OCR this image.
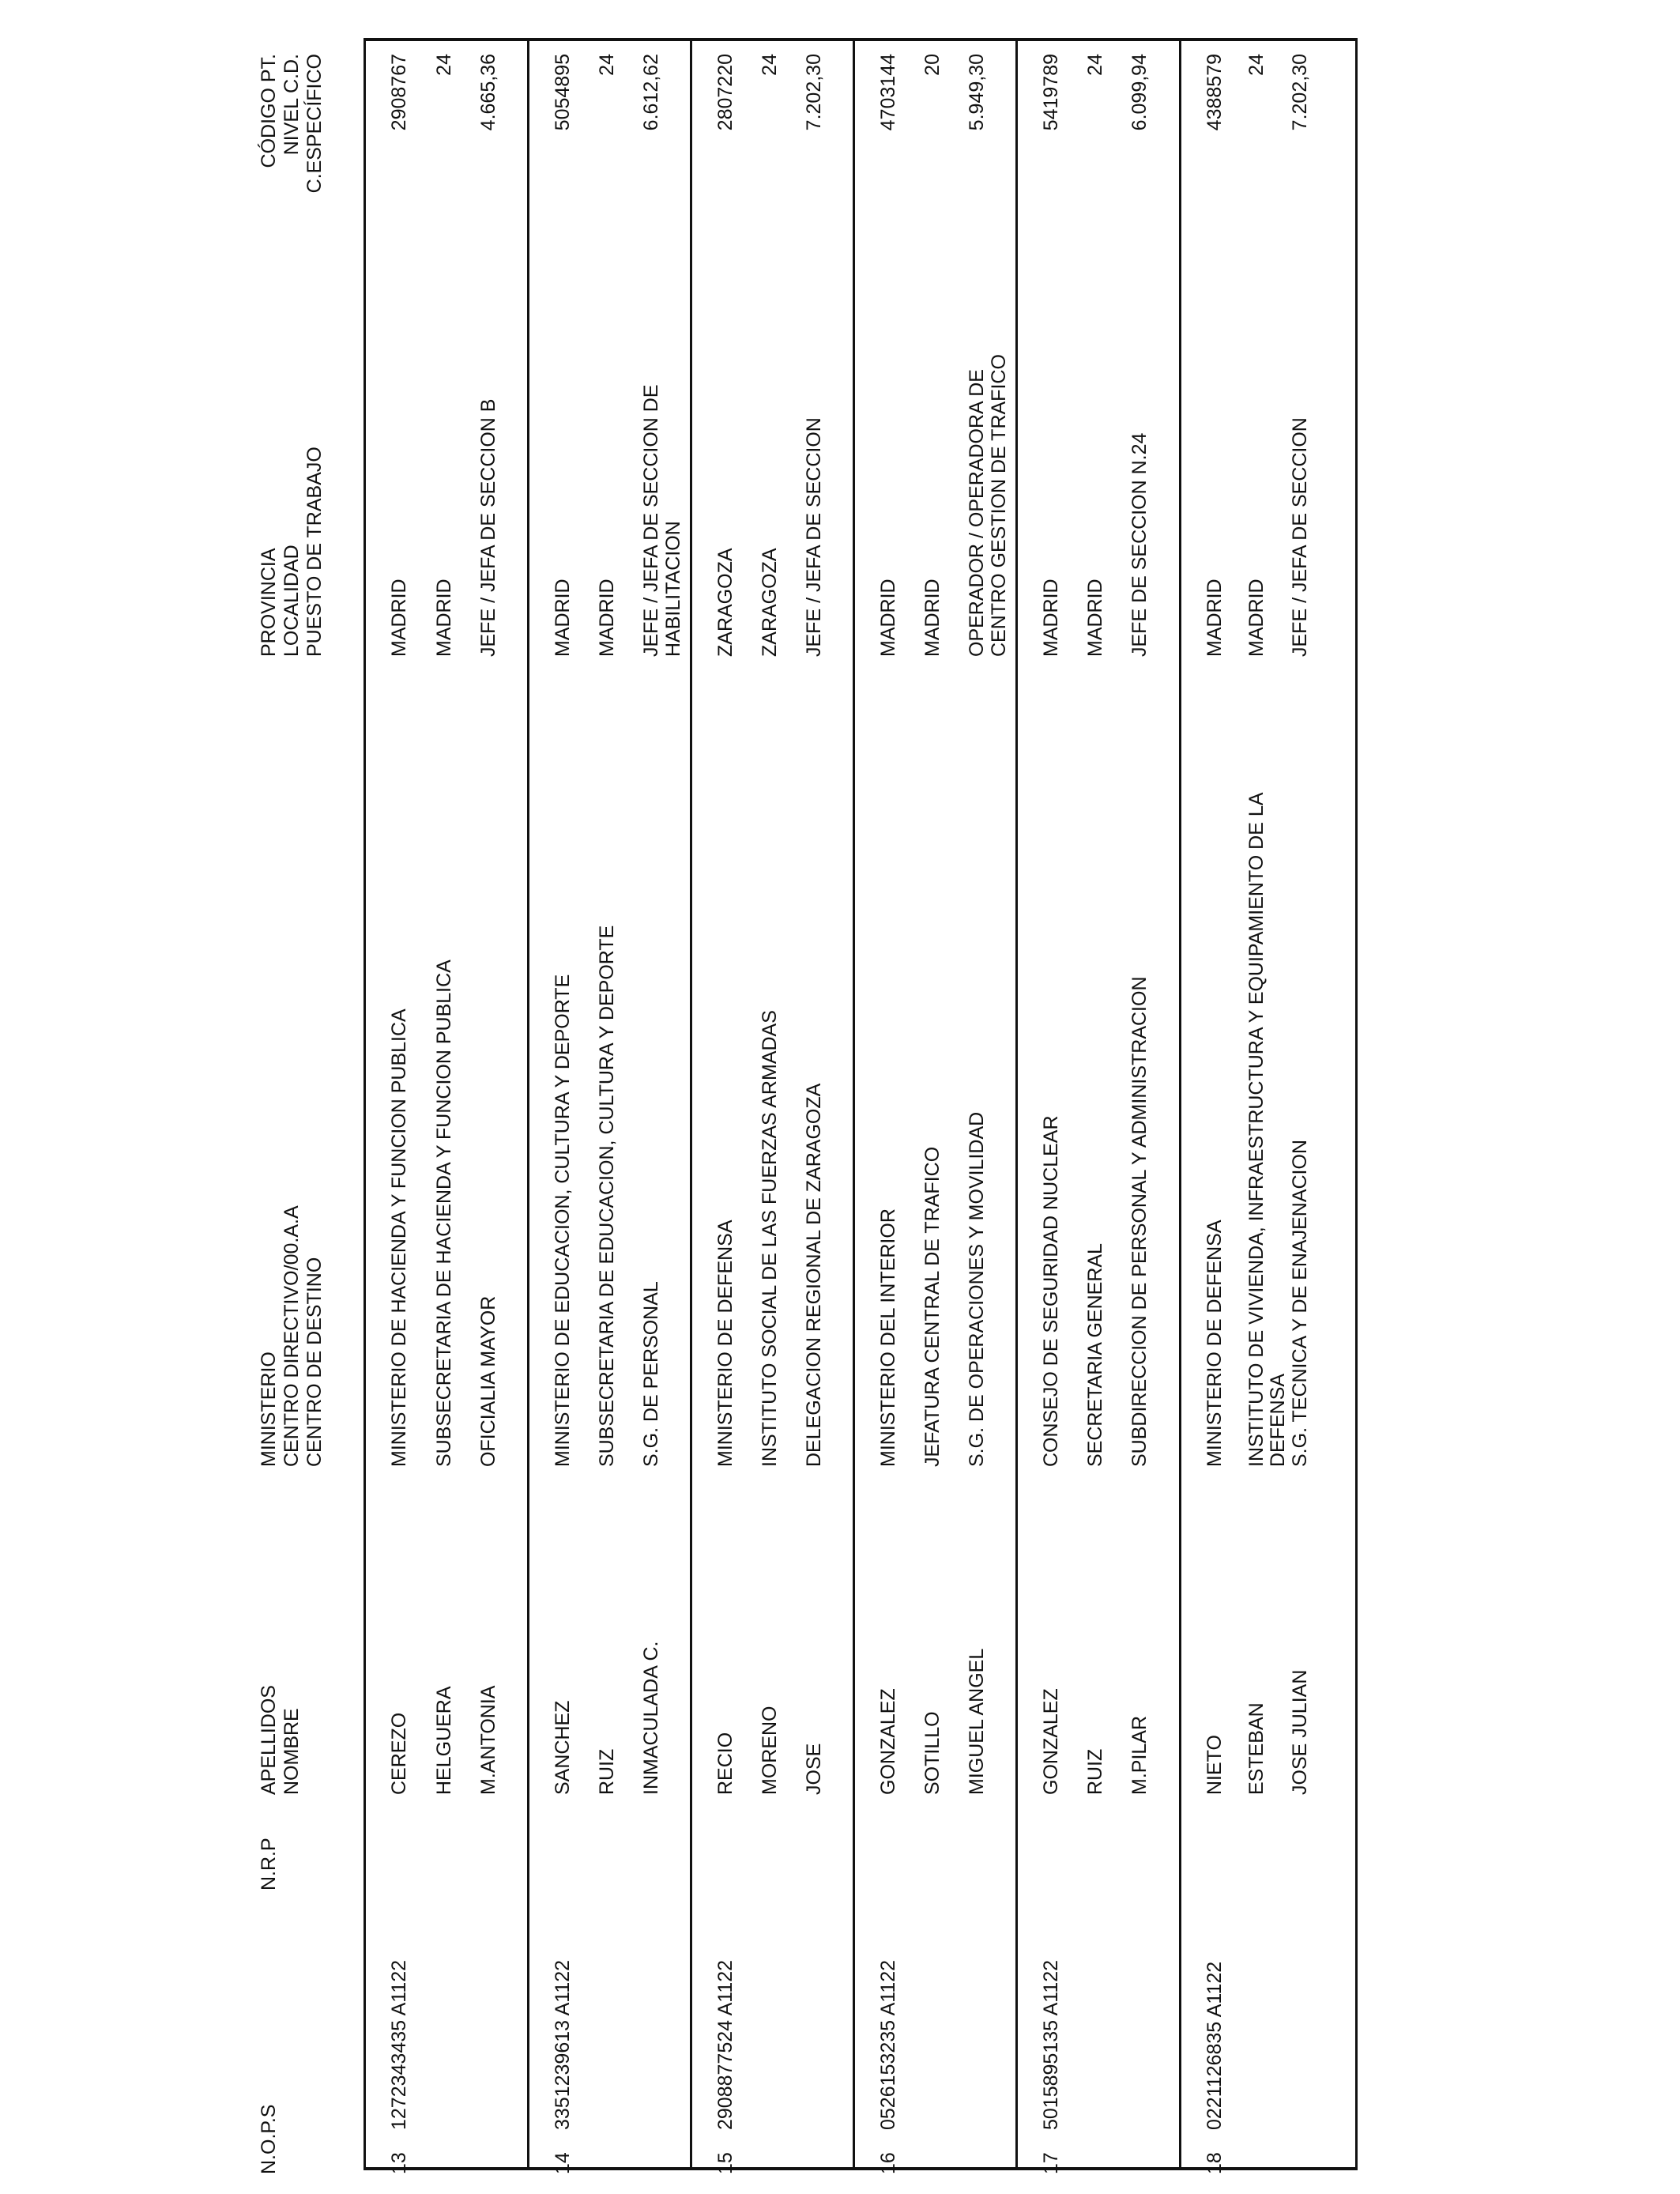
N.O.P.S
N.R.P
APELLIDOS NOMBRE
MINISTERIO CENTRO DIRECTIVO/00.A.A CENTRO DE DESTINO
PROVINCIA LOCALIDAD PUESTO DE TRABAJO
CÓDIGO PT. NIVEL C.D. C.ESPECÍFICO
13
1272343435 A1122
CEREZO HELGUERA M.ANTONIA
MINISTERIO DE HACIENDA Y FUNCION PUBLICA SUBSECRETARIA DE HACIENDA Y FUNCION PUBLICA OFICIALIA MAYOR
MADRID MADRID JEFE / JEFA DE SECCION B
2908767 24 4.665,36
14
3351239613 A1122
SANCHEZ RUIZ INMACULADA C.
MINISTERIO DE EDUCACION, CULTURA Y DEPORTE SUBSECRETARIA DE EDUCACION, CULTURA Y DEPORTE S.G. DE PERSONAL
MADRID MADRID JEFE / JEFA DE SECCION DE HABILITACION
5054895 24 6.612,62
15
2908877524 A1122
RECIO MORENO JOSE
MINISTERIO DE DEFENSA INSTITUTO SOCIAL DE LAS FUERZAS ARMADAS DELEGACION REGIONAL DE ZARAGOZA
ZARAGOZA ZARAGOZA JEFE / JEFA DE SECCION
2807220 24 7.202,30
16
0526153235 A1122
GONZALEZ SOTILLO MIGUEL ANGEL
MINISTERIO DEL INTERIOR JEFATURA CENTRAL DE TRAFICO S.G. DE OPERACIONES Y MOVILIDAD
MADRID MADRID OPERADOR / OPERADORA DE CENTRO GESTION DE TRAFICO
4703144 20 5.949,30
17
5015895135 A1122
GONZALEZ RUIZ M.PILAR
CONSEJO DE SEGURIDAD NUCLEAR SECRETARIA GENERAL SUBDIRECCION DE PERSONAL Y ADMINISTRACION
MADRID MADRID JEFE DE SECCION N.24
5419789 24 6.099,94
18
0221126835 A1122
NIETO ESTEBAN JOSE JULIAN
MINISTERIO DE DEFENSA INSTITUTO DE VIVIENDA, INFRAESTRUCTURA Y EQUIPAMIENTO DE LA DEFENSA S.G. TECNICA Y DE ENAJENACION
MADRID MADRID JEFE / JEFA DE SECCION
4388579 24 7.202,30
